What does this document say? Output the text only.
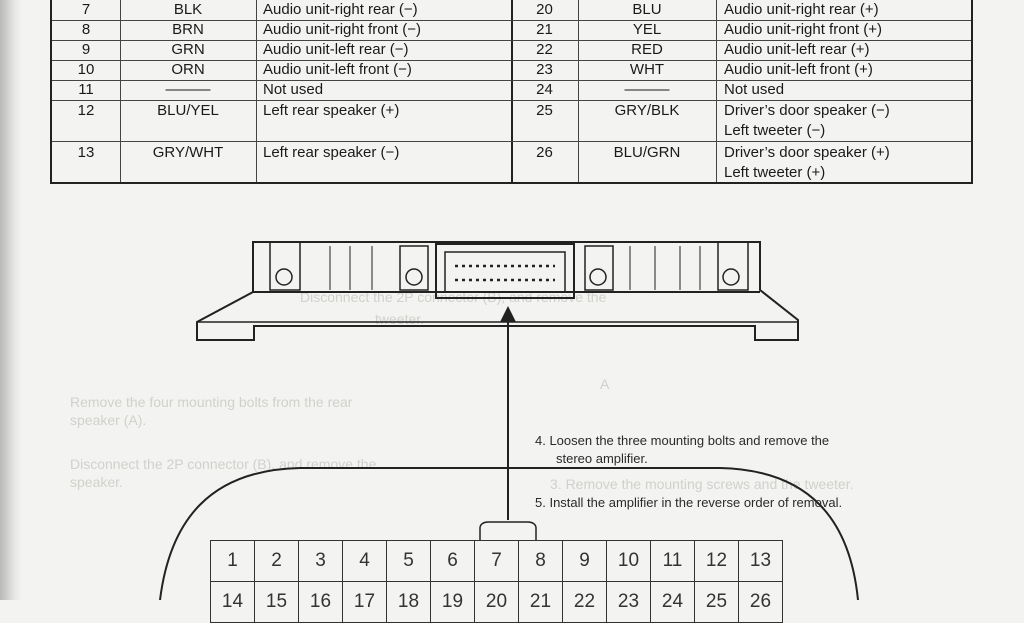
Disconnect the 2P connector (B), and remove the
tweeter.
Remove the four mounting bolts from the rear
speaker (A).
Disconnect the 2P connector (B), and remove the
speaker.	3. Remove the mounting screws and the tweeter.
A
7	BLK	Audio unit-right rear (−)	20	BLU	Audio unit-right rear (+)
8	BRN	Audio unit-right front (−)	21	YEL	Audio unit-right front (+)
9	GRN	Audio unit-left rear (−)	22	RED	Audio unit-left rear (+)
10	ORN	Audio unit-left front (−)	23	WHT	Audio unit-left front (+)
11	———	Not used	24	———	Not used
12	BLU/YEL	Left rear speaker (+)	25	GRY/BLK	Driver’s door speaker (−)
Left tweeter (−)
13	GRY/WHT	Left rear speaker (−)	26	BLU/GRN	Driver’s door speaker (+)
Left tweeter (+)
1	2	3	4	5	6	7	8	9	10	11	12	13
14	15	16	17	18	19	20	21	22	23	24	25	26
4. Loosen the three mounting bolts and remove the
stereo amplifier.
5. Install the amplifier in the reverse order of removal.
